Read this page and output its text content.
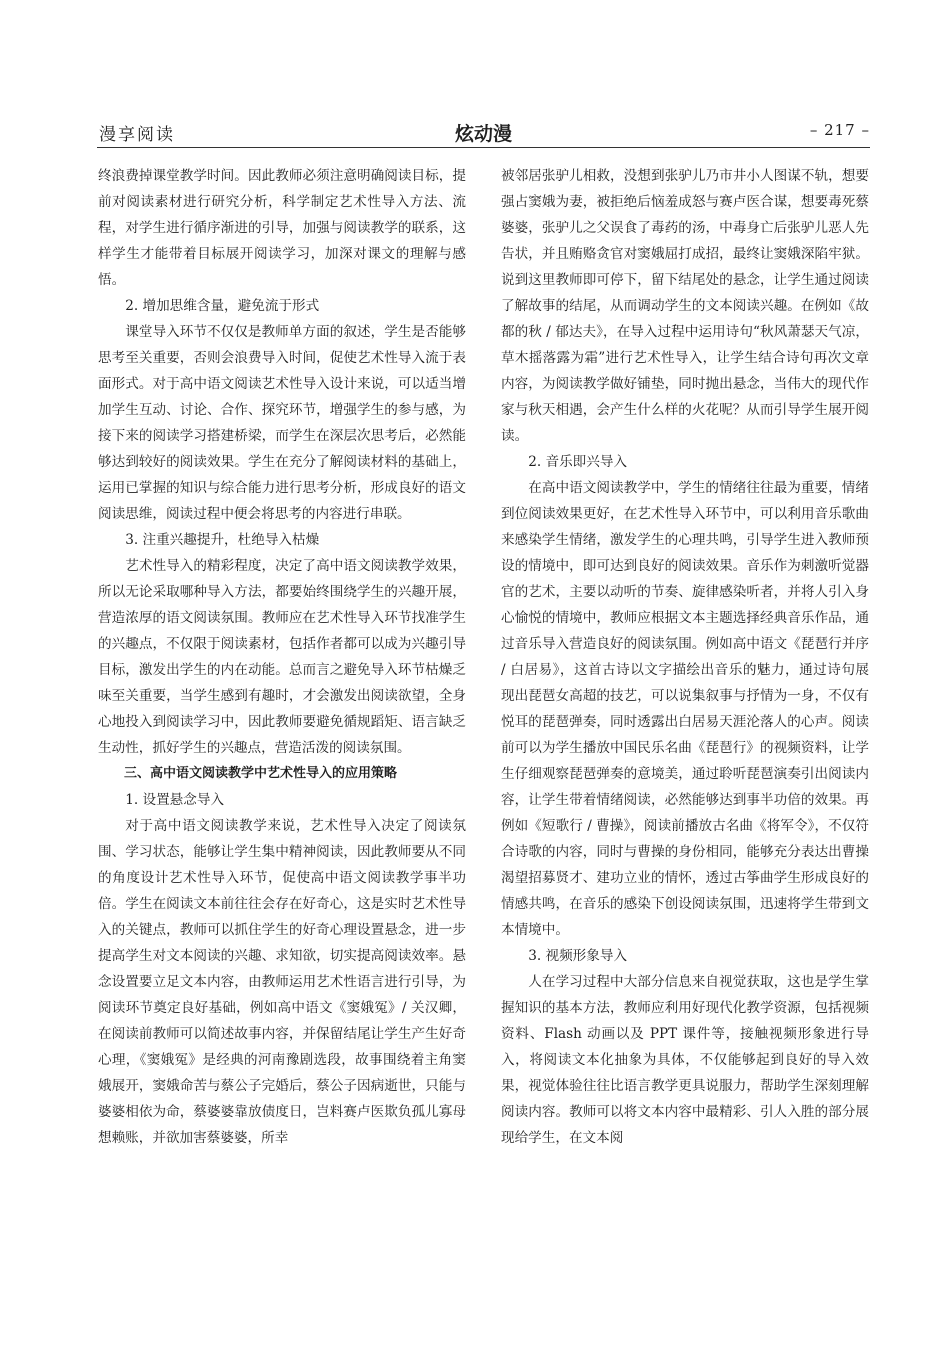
漫享阅读	炫动漫	– 217 –

终浪费掉课堂教学时间。因此教师必须注意明确阅读目标，提前对阅读素材进行研究分析，科学制定艺术性导入方法、流程，对学生进行循序渐进的引导，加强与阅读教学的联系，这样学生才能带着目标展开阅读学习，加深对课文的理解与感悟。

2. 增加思维含量，避免流于形式

课堂导入环节不仅仅是教师单方面的叙述，学生是否能够思考至关重要，否则会浪费导入时间，促使艺术性导入流于表面形式。对于高中语文阅读艺术性导入设计来说，可以适当增加学生互动、讨论、合作、探究环节，增强学生的参与感，为接下来的阅读学习搭建桥梁，而学生在深层次思考后，必然能够达到较好的阅读效果。学生在充分了解阅读材料的基础上，运用已掌握的知识与综合能力进行思考分析，形成良好的语文阅读思维，阅读过程中便会将思考的内容进行串联。

3. 注重兴趣提升，杜绝导入枯燥

艺术性导入的精彩程度，决定了高中语文阅读教学效果，所以无论采取哪种导入方法，都要始终围绕学生的兴趣开展，营造浓厚的语文阅读氛围。教师应在艺术性导入环节找准学生的兴趣点，不仅限于阅读素材，包括作者都可以成为兴趣引导目标，激发出学生的内在动能。总而言之避免导入环节枯燥乏味至关重要，当学生感到有趣时，才会激发出阅读欲望，全身心地投入到阅读学习中，因此教师要避免循规蹈矩、语言缺乏生动性，抓好学生的兴趣点，营造活泼的阅读氛围。

三、高中语文阅读教学中艺术性导入的应用策略

1. 设置悬念导入

对于高中语文阅读教学来说，艺术性导入决定了阅读氛围、学习状态，能够让学生集中精神阅读，因此教师要从不同的角度设计艺术性导入环节，促使高中语文阅读教学事半功倍。学生在阅读文本前往往会存在好奇心，这是实时艺术性导入的关键点，教师可以抓住学生的好奇心理设置悬念，进一步提高学生对文本阅读的兴趣、求知欲，切实提高阅读效率。悬念设置要立足文本内容，由教师运用艺术性语言进行引导，为阅读环节奠定良好基础，例如高中语文《窦娥冤》/ 关汉卿，在阅读前教师可以简述故事内容，并保留结尾让学生产生好奇心理，《窦娥冤》是经典的河南豫剧选段，故事围绕着主角窦娥展开，窦娥命苦与蔡公子完婚后，蔡公子因病逝世，只能与婆婆相依为命，蔡婆婆靠放债度日，岂料赛卢医欺负孤儿寡母想赖账，并欲加害蔡婆婆，所幸

被邻居张驴儿相救，没想到张驴儿乃市井小人图谋不轨，想要强占窦娥为妻，被拒绝后恼羞成怒与赛卢医合谋，想要毒死蔡婆婆，张驴儿之父误食了毒药的汤，中毒身亡后张驴儿恶人先告状，并且贿赂贪官对窦娥屈打成招，最终让窦娥深陷牢狱。说到这里教师即可停下，留下结尾处的悬念，让学生通过阅读了解故事的结尾，从而调动学生的文本阅读兴趣。在例如《故都的秋 / 郁达夫》，在导入过程中运用诗句“秋风萧瑟天气凉，草木摇落露为霜”进行艺术性导入，让学生结合诗句再次文章内容，为阅读教学做好铺垫，同时抛出悬念，当伟大的现代作家与秋天相遇，会产生什么样的火花呢？从而引导学生展开阅读。

2. 音乐即兴导入

在高中语文阅读教学中，学生的情绪往往最为重要，情绪到位阅读效果更好，在艺术性导入环节中，可以利用音乐歌曲来感染学生情绪，激发学生的心理共鸣，引导学生进入教师预设的情境中，即可达到良好的阅读效果。音乐作为刺激听觉器官的艺术，主要以动听的节奏、旋律感染听者，并将人引入身心愉悦的情境中，教师应根据文本主题选择经典音乐作品，通过音乐导入营造良好的阅读氛围。例如高中语文《琵琶行并序 / 白居易》，这首古诗以文字描绘出音乐的魅力，通过诗句展现出琵琶女高超的技艺，可以说集叙事与抒情为一身，不仅有悦耳的琵琶弹奏，同时透露出白居易天涯沦落人的心声。阅读前可以为学生播放中国民乐名曲《琵琶行》的视频资料，让学生仔细观察琵琶弹奏的意境美，通过聆听琵琶演奏引出阅读内容，让学生带着情绪阅读，必然能够达到事半功倍的效果。再例如《短歌行 / 曹操》，阅读前播放古名曲《将军令》，不仅符合诗歌的内容，同时与曹操的身份相同，能够充分表达出曹操渴望招募贤才、建功立业的情怀，透过古筝曲学生形成良好的情感共鸣，在音乐的感染下创设阅读氛围，迅速将学生带到文本情境中。

3. 视频形象导入

人在学习过程中大部分信息来自视觉获取，这也是学生掌握知识的基本方法，教师应利用好现代化教学资源，包括视频资料、Flash 动画以及 PPT 课件等，接触视频形象进行导入，将阅读文本化抽象为具体，不仅能够起到良好的导入效果，视觉体验往往比语言教学更具说服力，帮助学生深刻理解阅读内容。教师可以将文本内容中最精彩、引人入胜的部分展现给学生，在文本阅
